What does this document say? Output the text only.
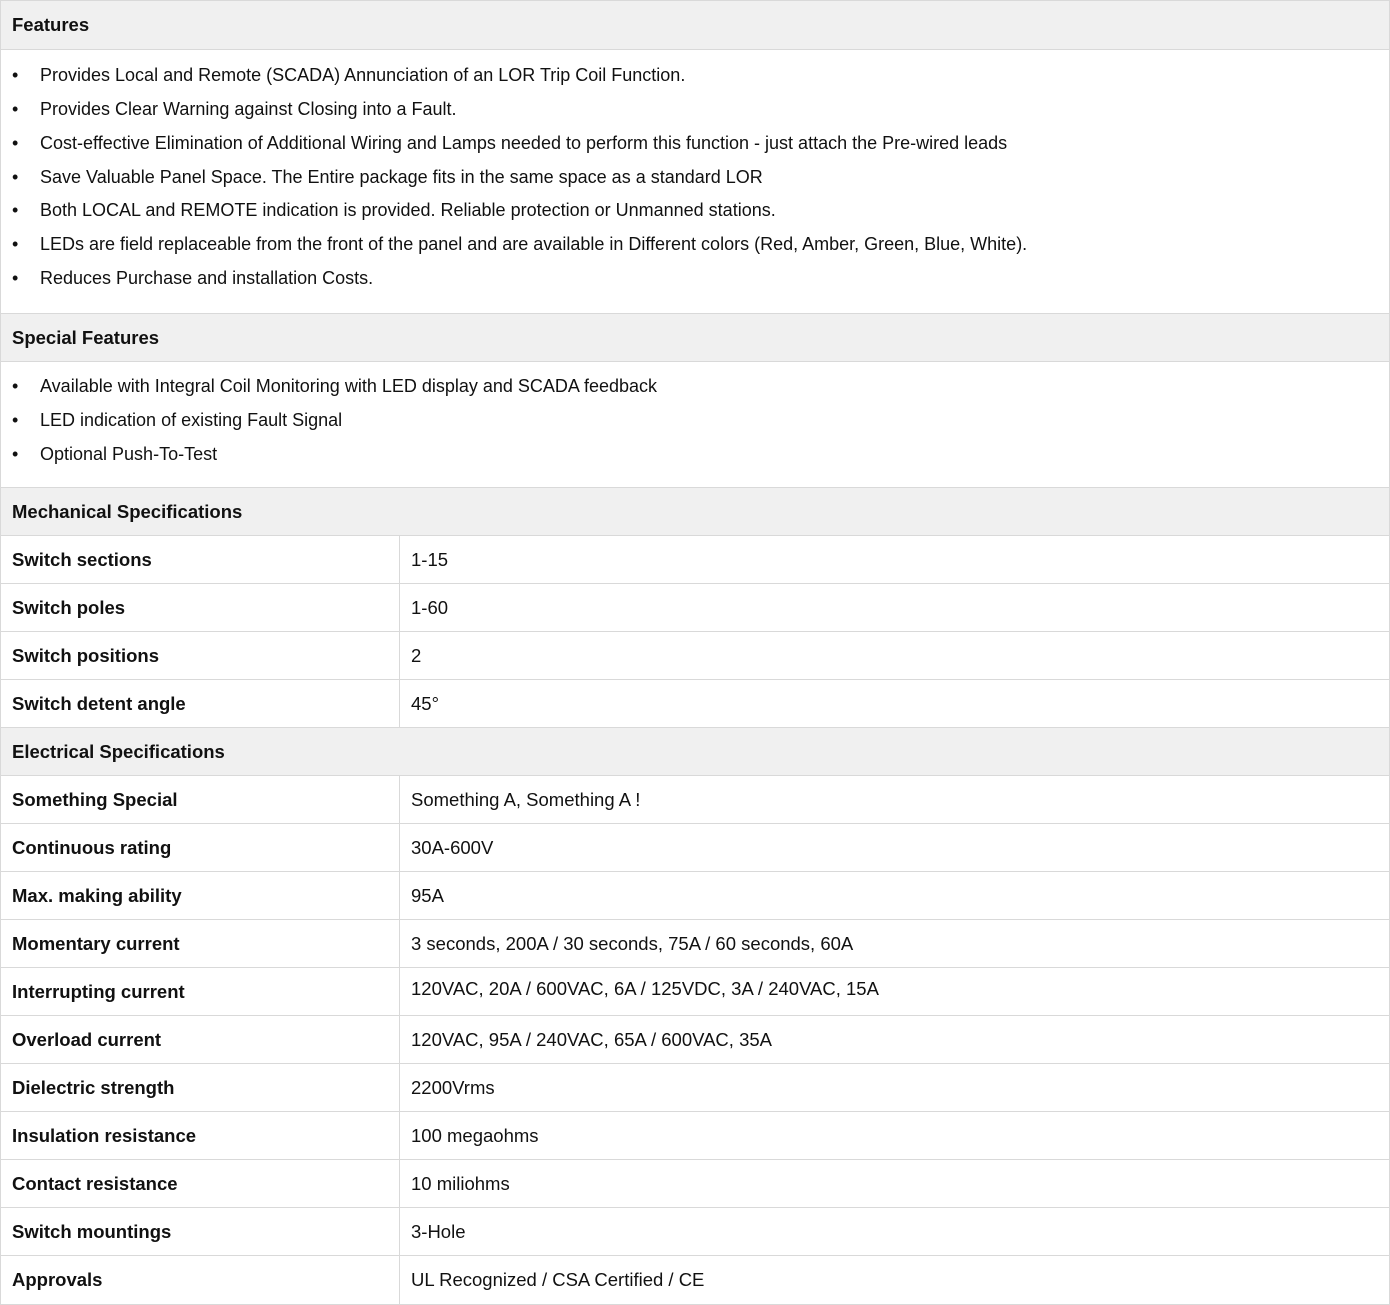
Features
• Provides Local and Remote (SCADA) Annunciation of an LOR Trip Coil Function.
• Provides Clear Warning against Closing into a Fault.
• Cost-effective Elimination of Additional Wiring and Lamps needed to perform this function - just attach the Pre-wired leads
• Save Valuable Panel Space. The Entire package fits in the same space as a standard LOR
• Both LOCAL and REMOTE indication is provided. Reliable protection or Unmanned stations.
• LEDs are field replaceable from the front of the panel and are available in Different colors (Red, Amber, Green, Blue, White).
• Reduces Purchase and installation Costs.
Special Features
• Available with Integral Coil Monitoring with LED display and SCADA feedback
• LED indication of existing Fault Signal
• Optional Push-To-Test
Mechanical Specifications
Switch sections	1-15
Switch poles	1-60
Switch positions	2
Switch detent angle	45°
Electrical Specifications
Something Special	Something A, Something A !
Continuous rating	30A-600V
Max. making ability	95A
Momentary current	3 seconds, 200A / 30 seconds, 75A / 60 seconds, 60A
Interrupting current	120VAC, 20A / 600VAC, 6A / 125VDC, 3A / 240VAC, 15A
Overload current	120VAC, 95A / 240VAC, 65A / 600VAC, 35A
Dielectric strength	2200Vrms
Insulation resistance	100 megaohms
Contact resistance	10 miliohms
Switch mountings	3-Hole
Approvals	UL Recognized / CSA Certified / CE
